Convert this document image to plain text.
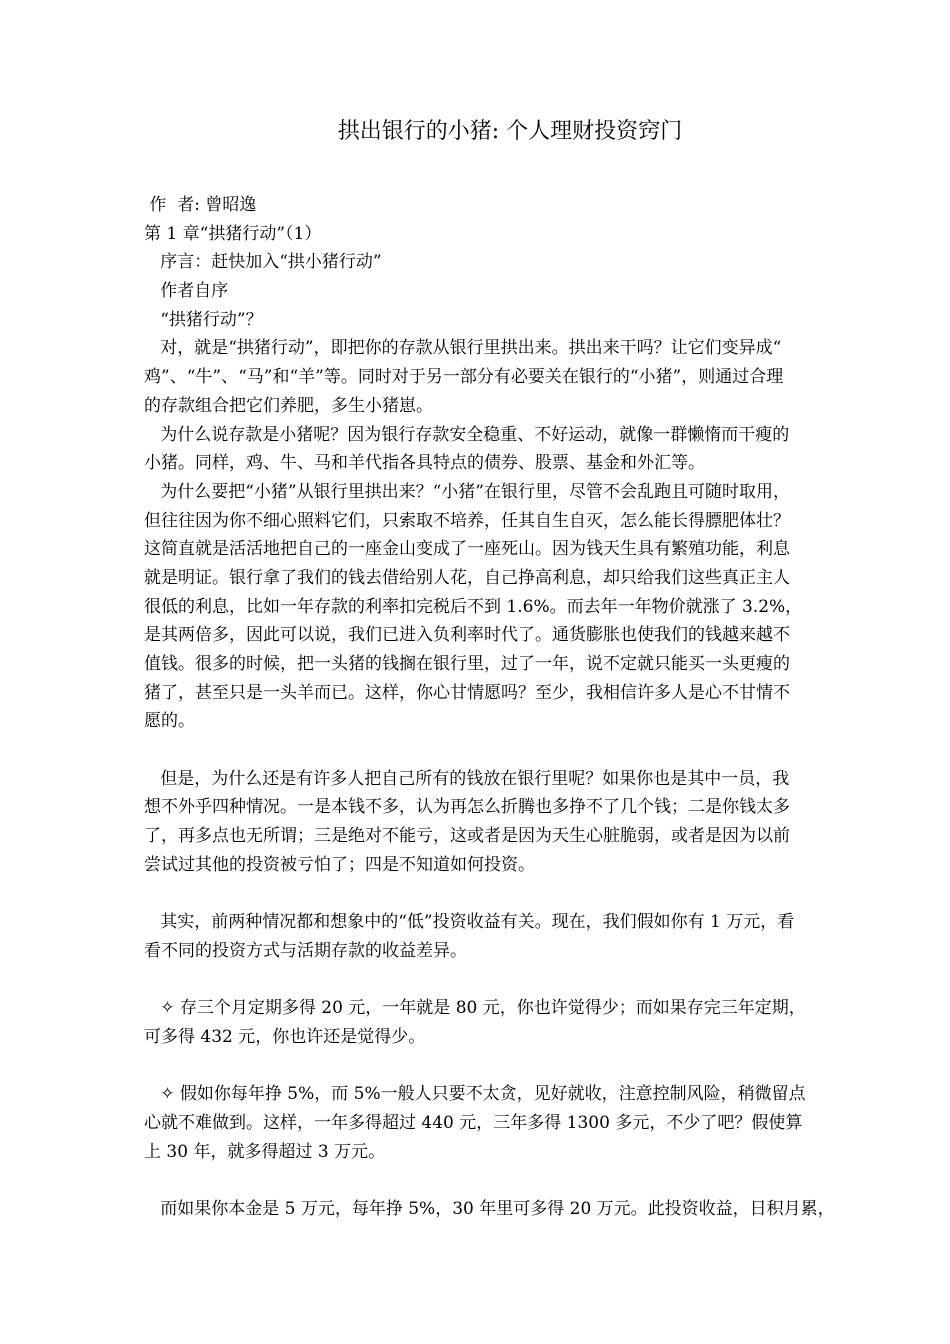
拱出银行的小猪: 个人理财投资窍门
作  者: 曾昭逸
第 1 章“拱猪行动”（1）
序言：赶快加入“拱小猪行动”
作者自序
“拱猪行动”？
对，就是“拱猪行动”，即把你的存款从银行里拱出来。拱出来干吗？让它们变异成“
鸡”、“牛”、“马”和“羊”等。同时对于另一部分有必要关在银行的“小猪”，则通过合理
的存款组合把它们养肥，多生小猪崽。
为什么说存款是小猪呢？因为银行存款安全稳重、不好运动，就像一群懒惰而干瘦的
小猪。同样，鸡、牛、马和羊代指各具特点的债券、股票、基金和外汇等。
为什么要把“小猪”从银行里拱出来？“小猪”在银行里，尽管不会乱跑且可随时取用，
但往往因为你不细心照料它们，只索取不培养，任其自生自灭，怎么能长得膘肥体壮？
这简直就是活活地把自己的一座金山变成了一座死山。因为钱天生具有繁殖功能，利息
就是明证。银行拿了我们的钱去借给别人花，自己挣高利息，却只给我们这些真正主人
很低的利息，比如一年存款的利率扣完税后不到 1.6%。而去年一年物价就涨了 3.2%，
是其两倍多，因此可以说，我们已进入负利率时代了。通货膨胀也使我们的钱越来越不
值钱。很多的时候，把一头猪的钱搁在银行里，过了一年，说不定就只能买一头更瘦的
猪了，甚至只是一头羊而已。这样，你心甘情愿吗？至少，我相信许多人是心不甘情不
愿的。
但是，为什么还是有许多人把自己所有的钱放在银行里呢？如果你也是其中一员，我
想不外乎四种情况。一是本钱不多，认为再怎么折腾也多挣不了几个钱；二是你钱太多
了，再多点也无所谓；三是绝对不能亏，这或者是因为天生心脏脆弱，或者是因为以前
尝试过其他的投资被亏怕了；四是不知道如何投资。
其实，前两种情况都和想象中的“低”投资收益有关。现在，我们假如你有 1 万元，看
看不同的投资方式与活期存款的收益差异。
✧ 存三个月定期多得 20 元，一年就是 80 元，你也许觉得少；而如果存完三年定期，
可多得 432 元，你也许还是觉得少。
✧ 假如你每年挣 5%，而 5%一般人只要不太贪，见好就收，注意控制风险，稍微留点
心就不难做到。这样，一年多得超过 440 元，三年多得 1300 多元，不少了吧？假使算
上 30 年，就多得超过 3 万元。
而如果你本金是 5 万元，每年挣 5%，30 年里可多得 20 万元。此投资收益，日积月累，
